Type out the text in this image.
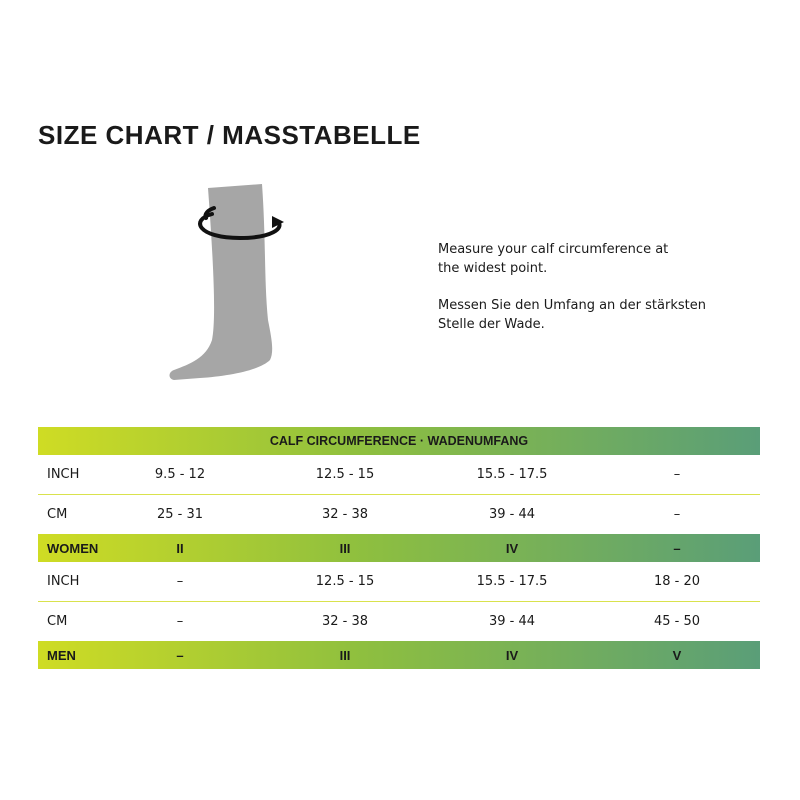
SIZE CHART / MASSTABELLE

Measure your calf circumference at
the widest point.

Messen Sie den Umfang an der stärksten
Stelle der Wade.

CALF CIRCUMFERENCE · WADENUMFANG
INCH	9.5 - 12	12.5 - 15	15.5 - 17.5	–
CM	25 - 31	32 - 38	39 - 44	–
WOMEN	II	III	IV	–
INCH	–	12.5 - 15	15.5 - 17.5	18 - 20
CM	–	32 - 38	39 - 44	45 - 50
MEN	–	III	IV	V
